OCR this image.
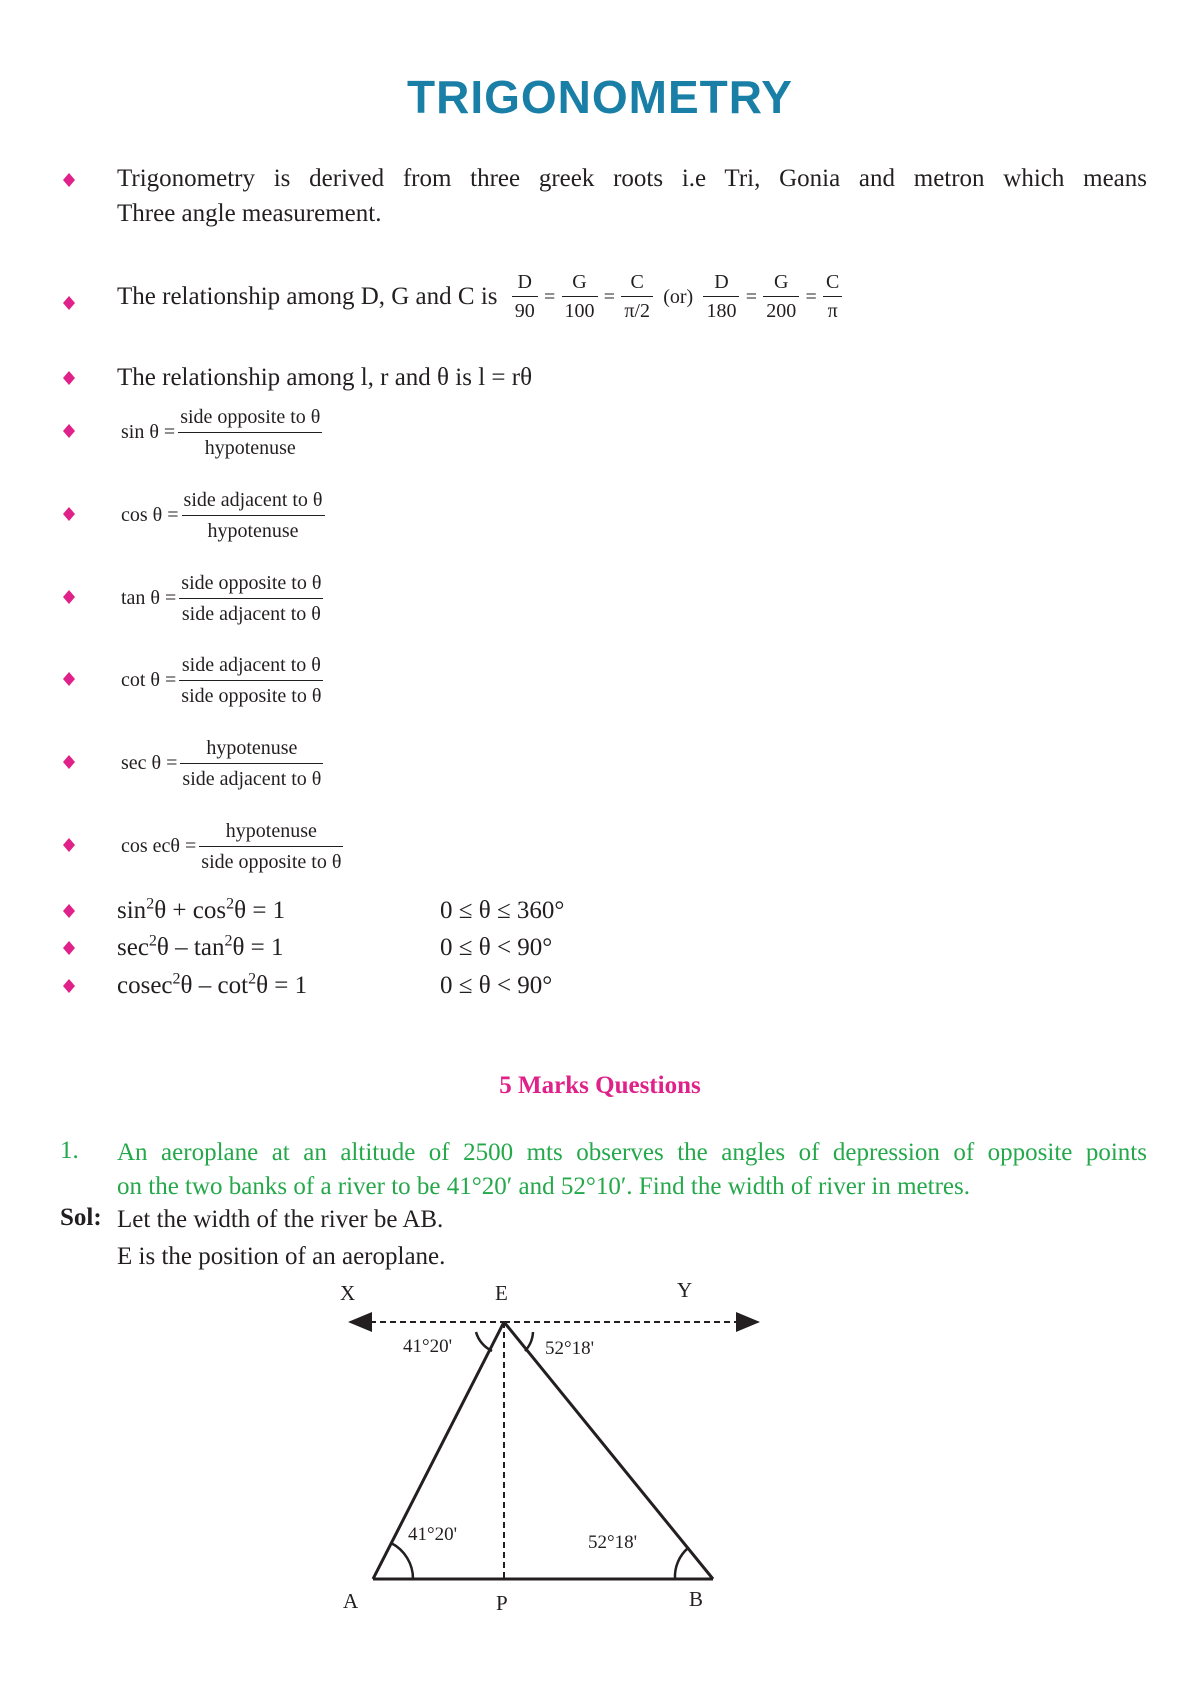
TRIGONOMETRY
Trigonometry is derived from three greek roots i.e Tri, Gonia and metron which means
Three angle measurement.
The relationship among D, G and C is $\frac{D}{90} = \frac{G}{100} = \frac{C}{\pi/2} (or) \frac{D}{180} = \frac{G}{200} = \frac{C}{\pi}$
The relationship among l, r and θ is l = rθ
$\sin \theta = \frac{\text{side opposite to θ}}{\text{hypotenuse}}$
$\cos \theta = \frac{\text{side adjacent to θ}}{\text{hypotenuse}}$
$\tan \theta = \frac{\text{side opposite to θ}}{\text{side adjacent to θ}}$
$\cot \theta = \frac{\text{side adjacent to θ}}{\text{side opposite to θ}}$
$\sec \theta = \frac{\text{hypotenuse}}{\text{side adjacent to θ}}$
$\cos ec\theta = \frac{\text{hypotenuse}}{\text{side opposite to θ}}$
$\sin^2\theta + \cos^2\theta = 1$	0 ≤ θ ≤ 360°
$\sec^2\theta - \tan^2\theta = 1$	0 ≤ θ < 90°
$cosec^2\theta - \cot^2\theta = 1$	0 ≤ θ < 90°
5 Marks Questions
1. An aeroplane at an altitude of 2500 mts observes the angles of depression of opposite points
on the two banks of a river to be 41°20′ and 52°10′. Find the width of river in metres.
Sol: Let the width of the river be AB.
E is the position of an aeroplane.
X	E	Y
A	P	B
41°20'	52°18'
41°20'	52°18'
